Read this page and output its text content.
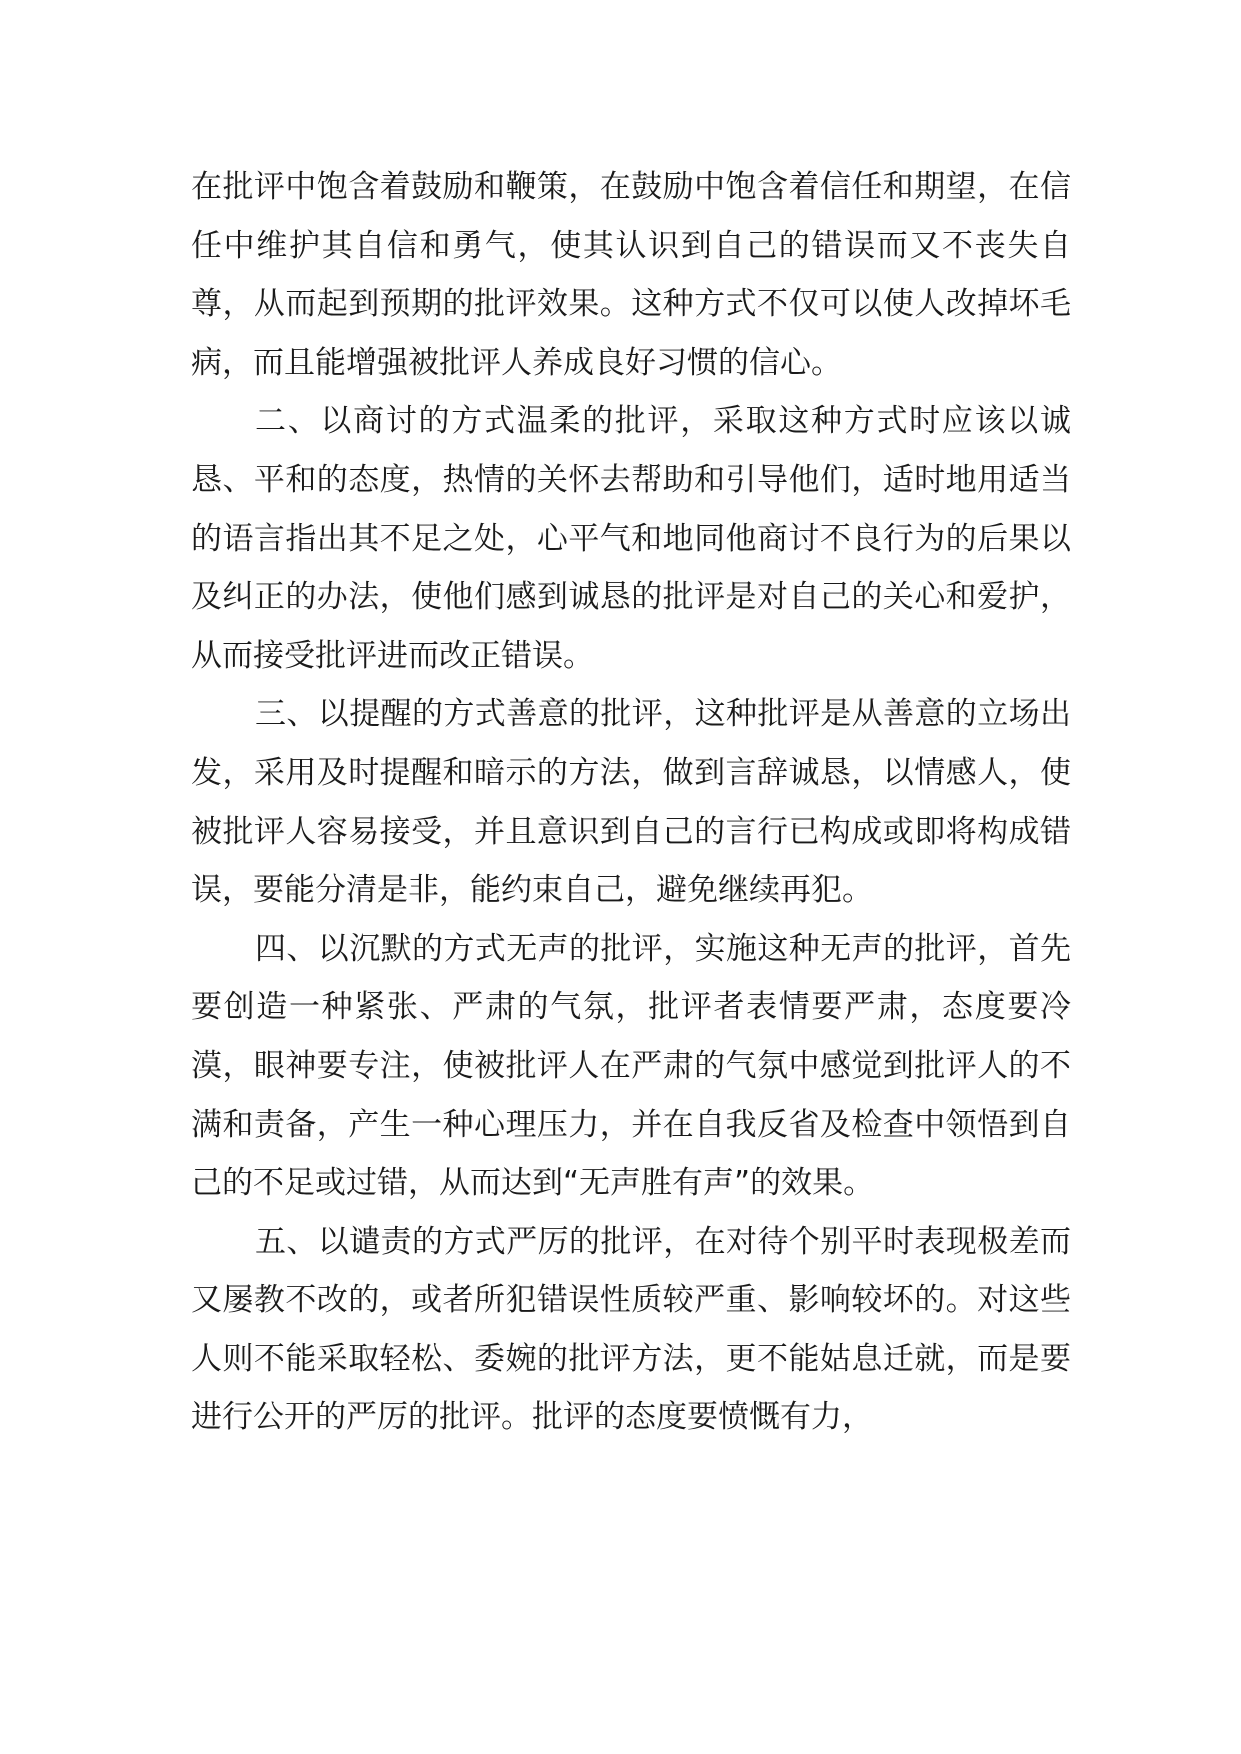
在批评中饱含着鼓励和鞭策，在鼓励中饱含着信任和期望，在信任中维护其自信和勇气，使其认识到自己的错误而又不丧失自尊，从而起到预期的批评效果。这种方式不仅可以使人改掉坏毛病，而且能增强被批评人养成良好习惯的信心。

二、以商讨的方式温柔的批评，采取这种方式时应该以诚恳、平和的态度，热情的关怀去帮助和引导他们，适时地用适当的语言指出其不足之处，心平气和地同他商讨不良行为的后果以及纠正的办法，使他们感到诚恳的批评是对自己的关心和爱护，从而接受批评进而改正错误。

三、以提醒的方式善意的批评，这种批评是从善意的立场出发，采用及时提醒和暗示的方法，做到言辞诚恳，以情感人，使被批评人容易接受，并且意识到自己的言行已构成或即将构成错误，要能分清是非，能约束自己，避免继续再犯。

四、以沉默的方式无声的批评，实施这种无声的批评，首先要创造一种紧张、严肃的气氛，批评者表情要严肃，态度要冷漠，眼神要专注，使被批评人在严肃的气氛中感觉到批评人的不满和责备，产生一种心理压力，并在自我反省及检查中领悟到自己的不足或过错，从而达到“无声胜有声”的效果。

五、以谴责的方式严厉的批评，在对待个别平时表现极差而又屡教不改的，或者所犯错误性质较严重、影响较坏的。对这些人则不能采取轻松、委婉的批评方法，更不能姑息迁就，而是要进行公开的严厉的批评。批评的态度要愤慨有力，
